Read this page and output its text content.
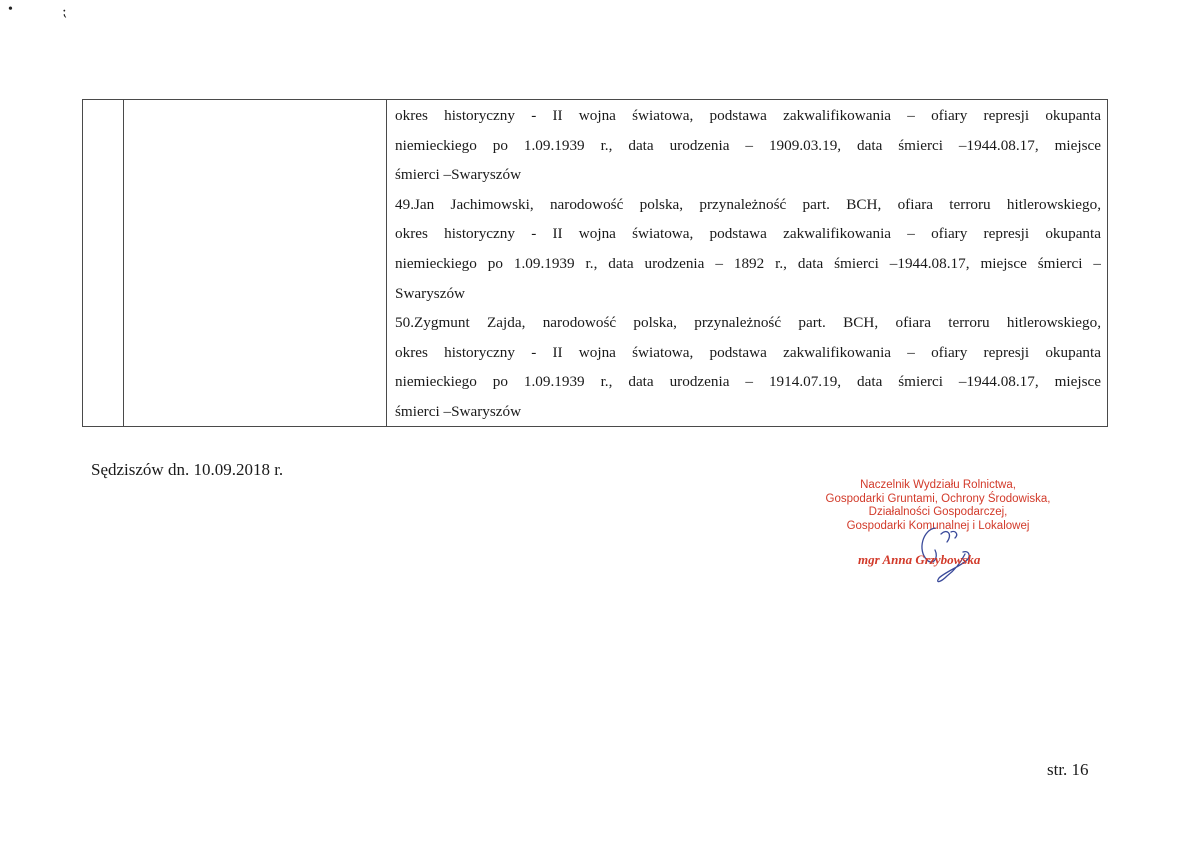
•	⁏
okres historyczny - II wojna światowa, podstawa zakwalifikowania – ofiary represji okupanta
niemieckiego po 1.09.1939 r., data urodzenia – 1909.03.19, data śmierci –1944.08.17, miejsce
śmierci –Swaryszów
49.Jan Jachimowski, narodowość polska, przynależność part. BCH, ofiara terroru hitlerowskiego,
okres historyczny - II wojna światowa, podstawa zakwalifikowania – ofiary represji okupanta
niemieckiego po 1.09.1939 r., data urodzenia – 1892 r., data śmierci –1944.08.17, miejsce śmierci –
Swaryszów
50.Zygmunt Zajda, narodowość polska, przynależność part. BCH, ofiara terroru hitlerowskiego,
okres historyczny - II wojna światowa, podstawa zakwalifikowania – ofiary represji okupanta
niemieckiego po 1.09.1939 r., data urodzenia – 1914.07.19, data śmierci –1944.08.17, miejsce
śmierci –Swaryszów
Sędziszów dn. 10.09.2018 r.
Naczelnik Wydziału Rolnictwa,
Gospodarki Gruntami, Ochrony Środowiska,
Działalności Gospodarczej,
Gospodarki Komunalnej i Lokalowej
mgr Anna Grzybowska
str. 16
